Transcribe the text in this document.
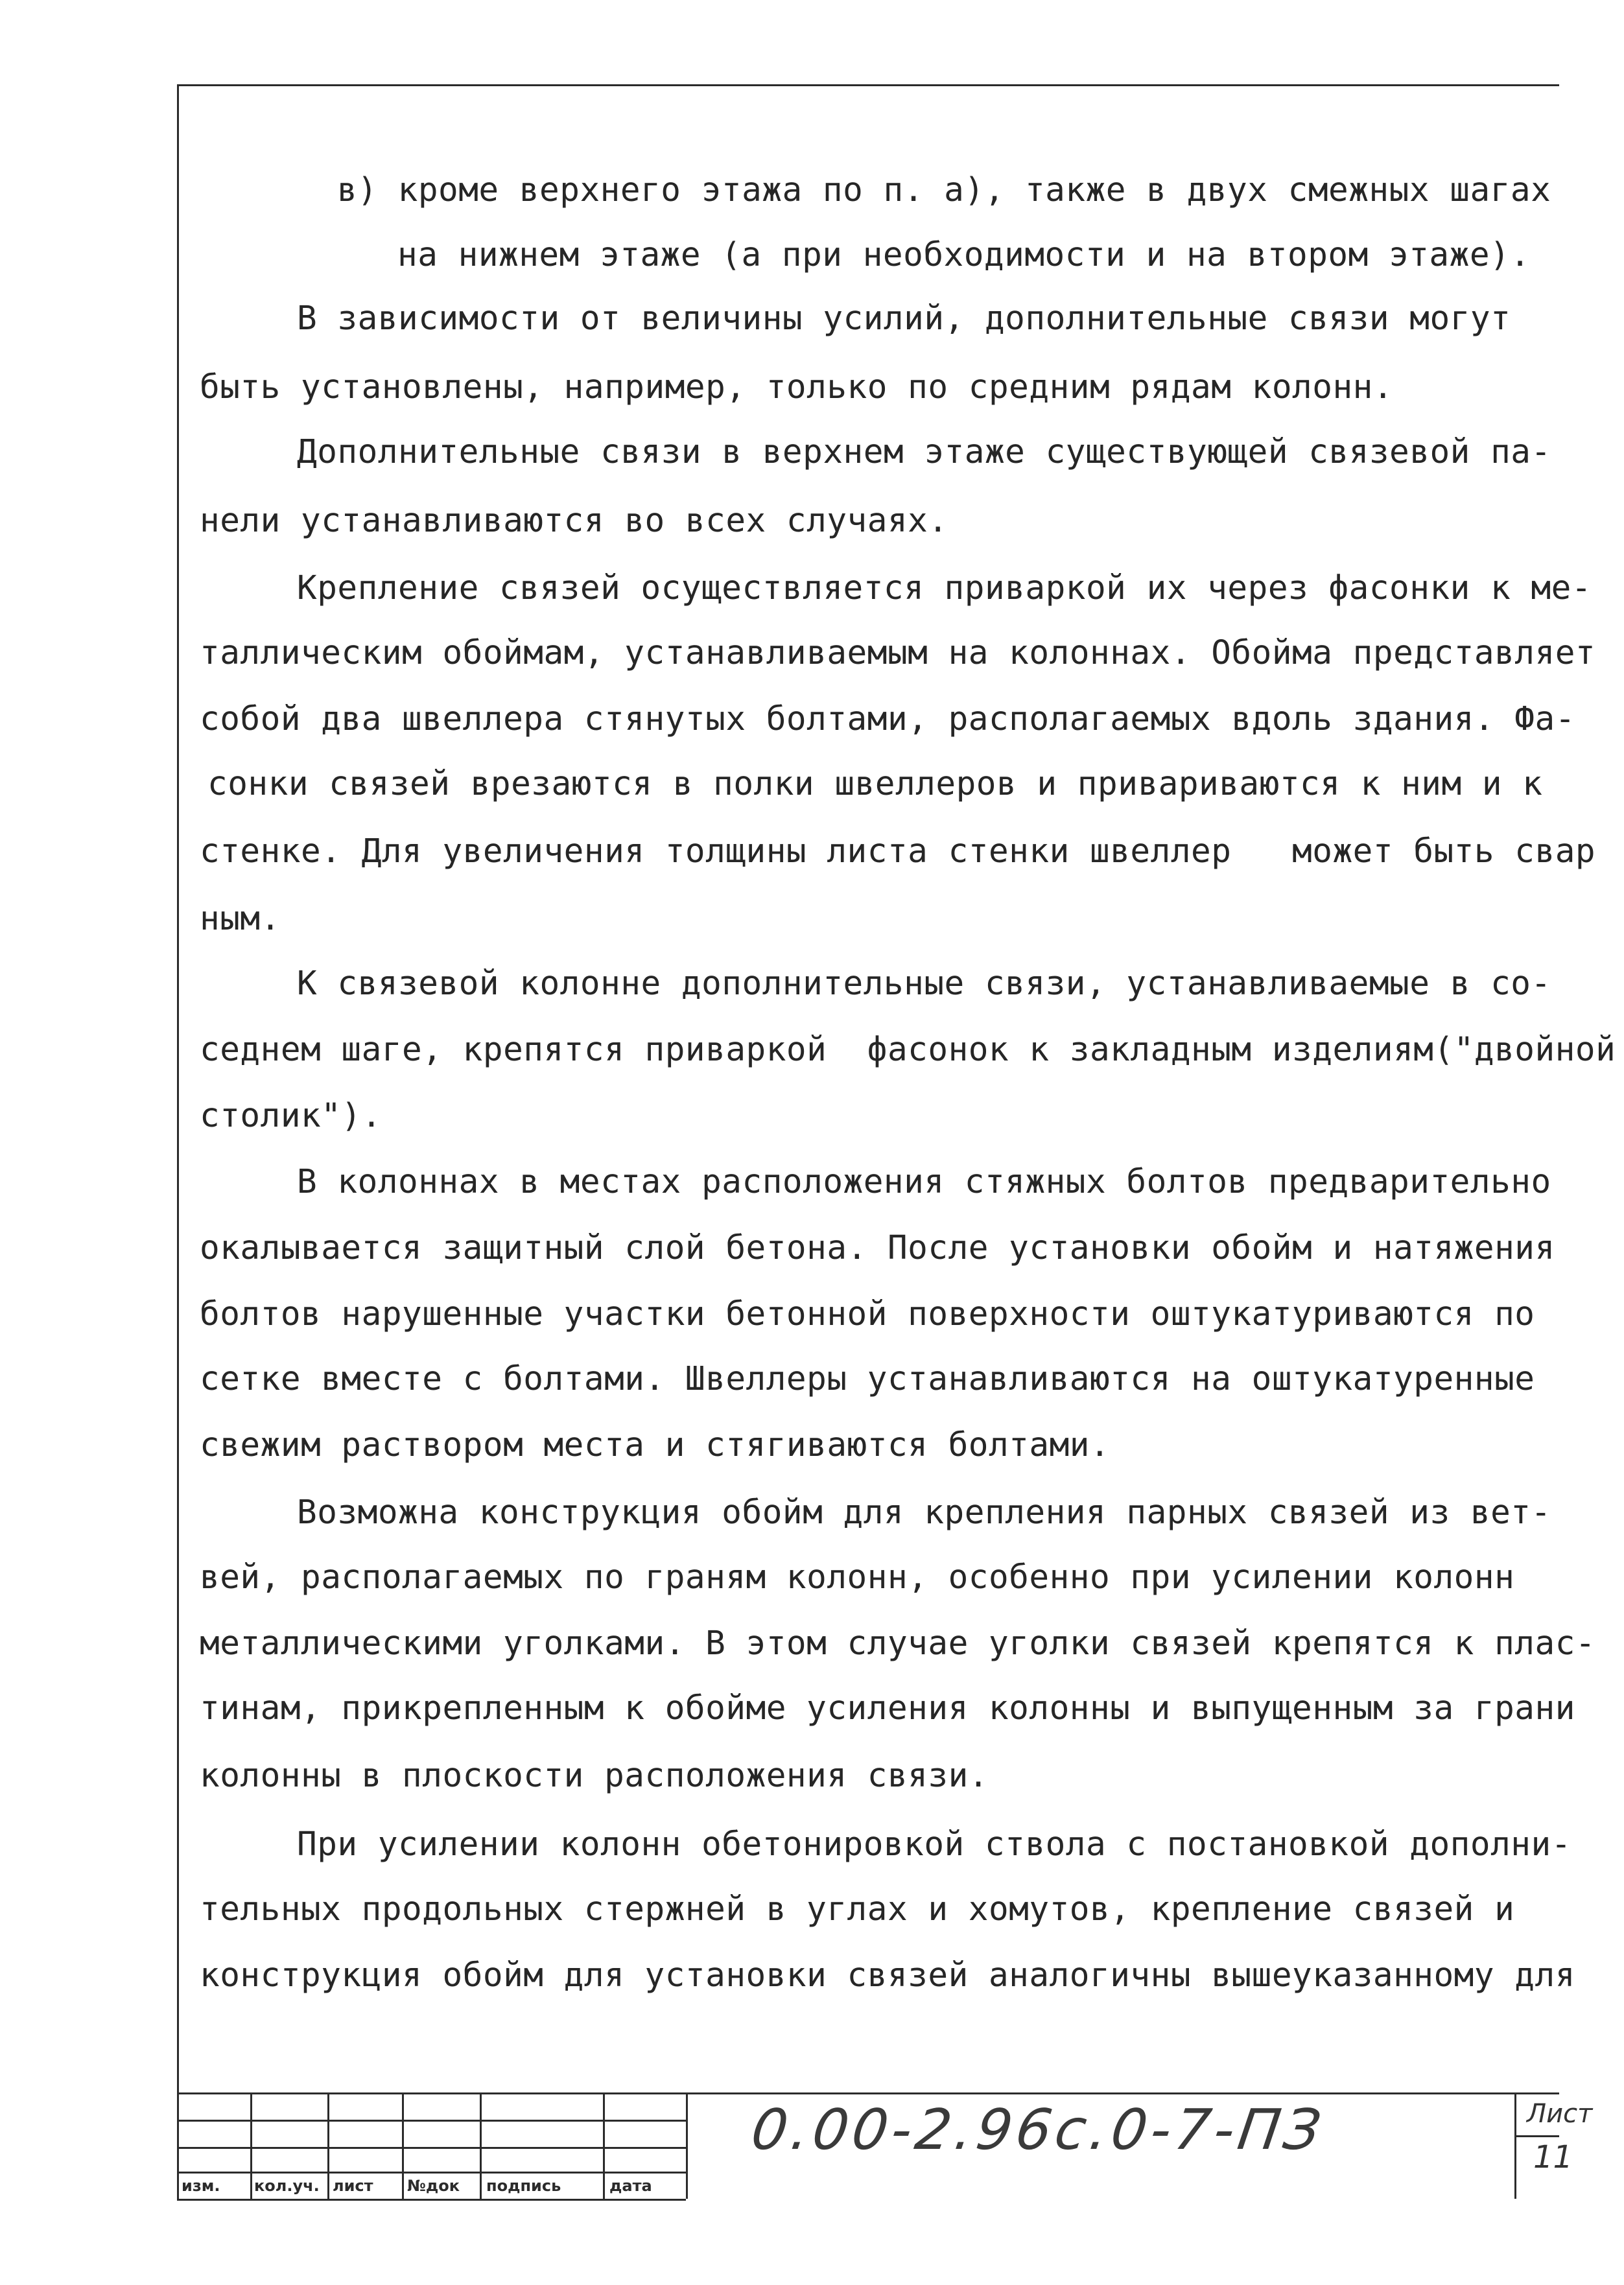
в) кроме верхнего этажа по п. а), также в двух смежных шагах
на нижнем этаже (а при необходимости и на втором этаже).
В зависимости от величины усилий, дополнительные связи могут
быть установлены, например, только по средним рядам колонн.
Дополнительные связи в верхнем этаже существующей связевой па-
нели устанавливаются во всех случаях.
Крепление связей осуществляется приваркой их через фасонки к ме-
таллическим обоймам, устанавливаемым на колоннах. Обойма представляет
собой два швеллера стянутых болтами, располагаемых вдоль здания. Фа-
сонки связей врезаются в полки швеллеров и привариваются к ним и к
стенке. Для увеличения толщины листа стенки швеллер   может быть свар
ным.
К связевой колонне дополнительные связи, устанавливаемые в со-
седнем шаге, крепятся приваркой  фасонок к закладным изделиям("двойной
столик").
В колоннах в местах расположения стяжных болтов предварительно
окалывается защитный слой бетона. После установки обойм и натяжения
болтов нарушенные участки бетонной поверхности оштукатуриваются по
сетке вместе с болтами. Швеллеры устанавливаются на оштукатуренные
свежим раствором места и стягиваются болтами.
Возможна конструкция обойм для крепления парных связей из вет-
вей, располагаемых по граням колонн, особенно при усилении колонн
металлическими уголками. В этом случае уголки связей крепятся к плас-
тинам, прикрепленным к обойме усиления колонны и выпущенным за грани
колонны в плоскости расположения связи.
При усилении колонн обетонировкой ствола с постановкой дополни-
тельных продольных стержней в углах и хомутов, крепление связей и
конструкция обойм для установки связей аналогичны вышеуказанному для
изм. кол.уч. лист №док подпись	дата
0.00-2.96с.0-7-ПЗ	Лист
11
